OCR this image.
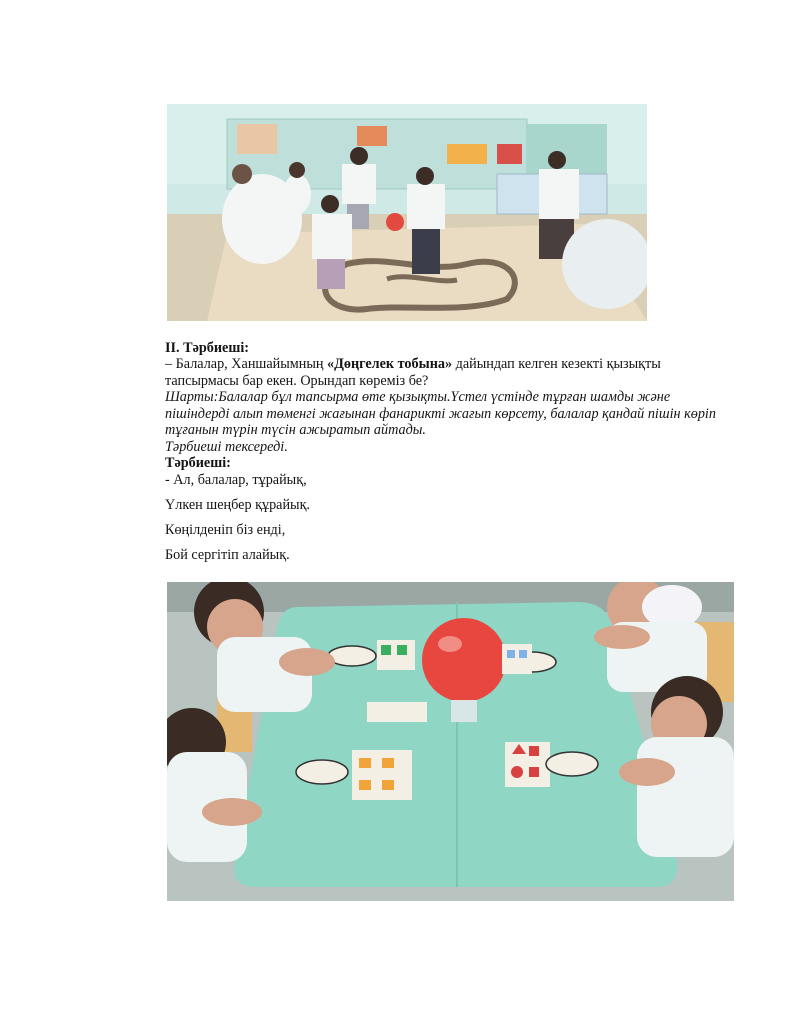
ІІ. Тәрбиеші:
– Балалар, Ханшайымның «Дөңгелек тобына» дайындап келген кезекті қызықты
тапсырмасы бар екен. Орындап көреміз бе?
Шарты:Балалар бұл тапсырма өте қызықты.Үстел үстінде тұрған шамды және
пішіндерді алып төменгі жағынан фанарикті жағып көрсету, балалар қандай пішін көріп
тұғанын түрін түсін ажыратып айтады.
Тәрбиеші тексереді.
Тәрбиеші:
- Ал, балалар, тұрайық,
Үлкен шеңбер құрайық.
Көңілденіп біз енді,
Бой сергітіп алайық.
